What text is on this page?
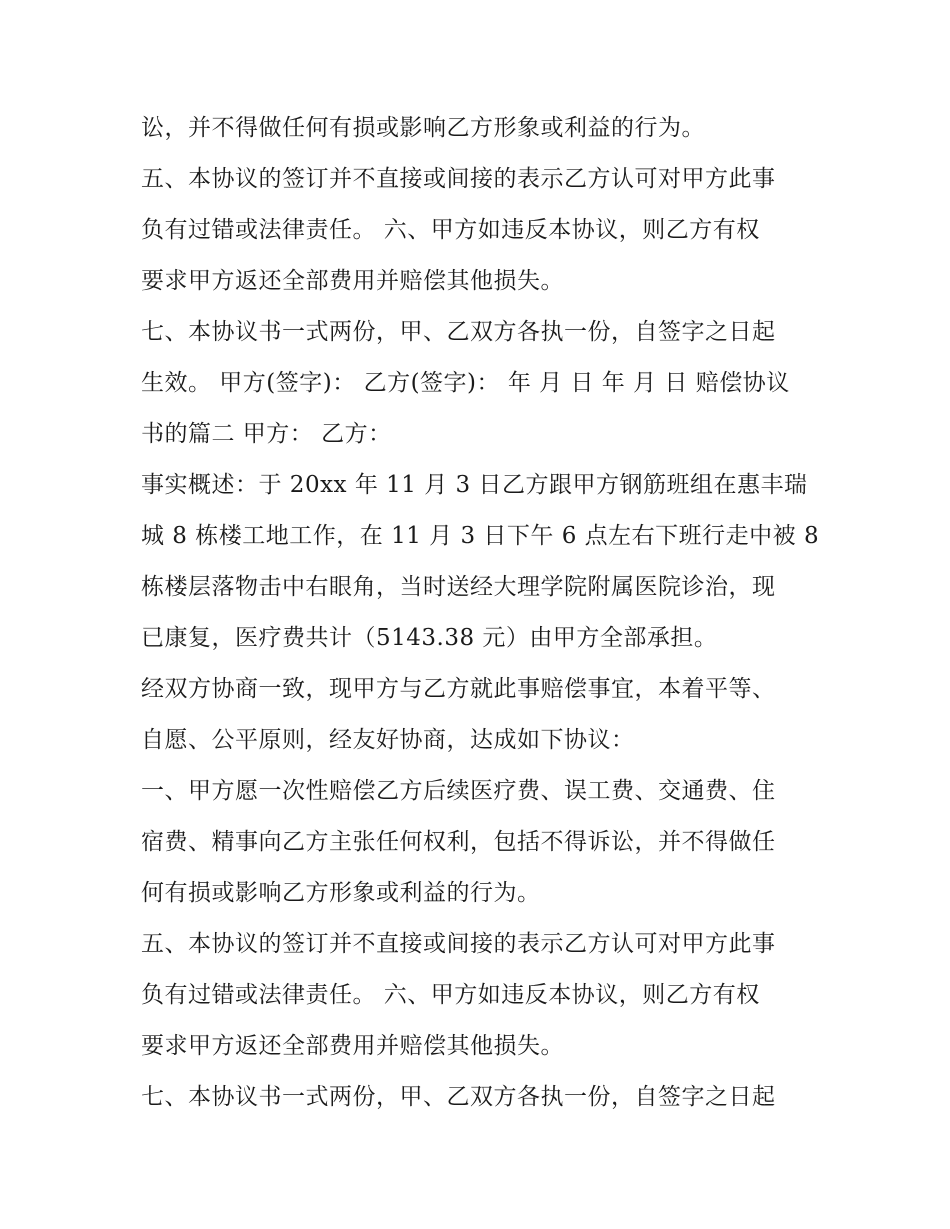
讼，并不得做任何有损或影响乙方形象或利益的行为。
五、本协议的签订并不直接或间接的表示乙方认可对甲方此事
负有过错或法律责任。 六、甲方如违反本协议，则乙方有权
要求甲方返还全部费用并赔偿其他损失。
七、本协议书一式两份，甲、乙双方各执一份，自签字之日起
生效。 甲方(签字)： 乙方(签字)： 年 月 日 年 月 日 赔偿协议
书的篇二 甲方： 乙方：
事实概述：于 20xx 年 11 月 3 日乙方跟甲方钢筋班组在惠丰瑞
城 8 栋楼工地工作，在 11 月 3 日下午 6 点左右下班行走中被 8
栋楼层落物击中右眼角，当时送经大理学院附属医院诊治，现
已康复，医疗费共计（5143.38 元）由甲方全部承担。
经双方协商一致，现甲方与乙方就此事赔偿事宜，本着平等、
自愿、公平原则，经友好协商，达成如下协议：
一、甲方愿一次性赔偿乙方后续医疗费、误工费、交通费、住
宿费、精事向乙方主张任何权利，包括不得诉讼，并不得做任
何有损或影响乙方形象或利益的行为。
五、本协议的签订并不直接或间接的表示乙方认可对甲方此事
负有过错或法律责任。 六、甲方如违反本协议，则乙方有权
要求甲方返还全部费用并赔偿其他损失。
七、本协议书一式两份，甲、乙双方各执一份，自签字之日起
